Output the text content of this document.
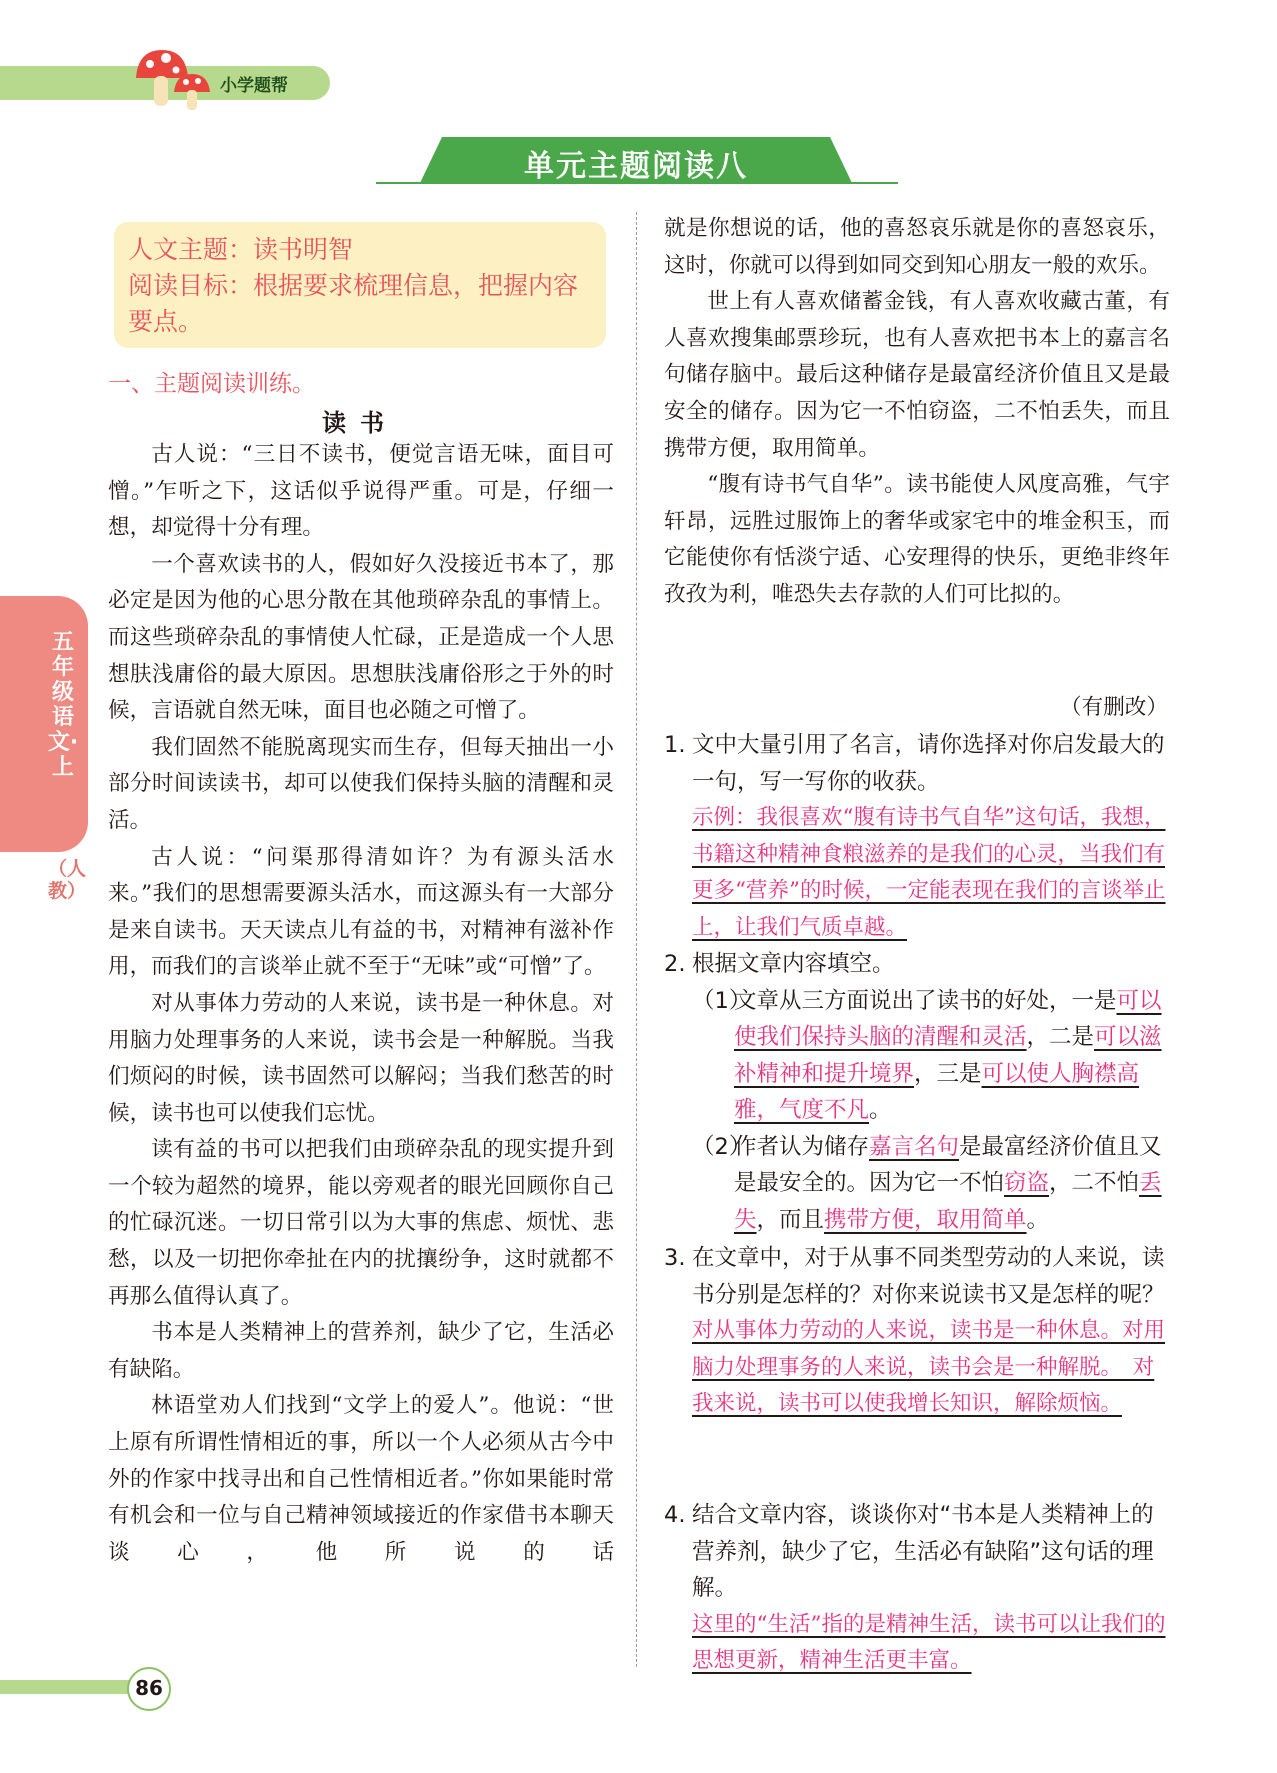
小学题帮
单元主题阅读八
五年级语文·上
（人教）
人文主题：读书明智
阅读目标：根据要求梳理信息，把握内容
要点。
一、主题阅读训练。
读书

古人说：“三日不读书，便觉言语无味，面目可憎。”乍听之下，这话似乎说得严重。可是，仔细一想，却觉得十分有理。

一个喜欢读书的人，假如好久没接近书本了，那必定是因为他的心思分散在其他琐碎杂乱的事情上。而这些琐碎杂乱的事情使人忙碌，正是造成一个人思想肤浅庸俗的最大原因。思想肤浅庸俗形之于外的时候，言语就自然无味，面目也必随之可憎了。

我们固然不能脱离现实而生存，但每天抽出一小部分时间读读书，却可以使我们保持头脑的清醒和灵活。

古人说：“问渠那得清如许？为有源头活水来。”我们的思想需要源头活水，而这源头有一大部分是来自读书。天天读点儿有益的书，对精神有滋补作用，而我们的言谈举止就不至于“无味”或“可憎”了。

对从事体力劳动的人来说，读书是一种休息。对用脑力处理事务的人来说，读书会是一种解脱。当我们烦闷的时候，读书固然可以解闷；当我们愁苦的时候，读书也可以使我们忘忧。

读有益的书可以把我们由琐碎杂乱的现实提升到一个较为超然的境界，能以旁观者的眼光回顾你自己的忙碌沉迷。一切日常引以为大事的焦虑、烦忧、悲愁，以及一切把你牵扯在内的扰攘纷争，这时就都不再那么值得认真了。

书本是人类精神上的营养剂，缺少了它，生活必有缺陷。

林语堂劝人们找到“文学上的爱人”。他说：“世上原有所谓性情相近的事，所以一个人必须从古今中外的作家中找寻出和自己性情相近者。”你如果能时常有机会和一位与自己精神领域接近的作家借书本聊天谈心，他所说的话

就是你想说的话，他的喜怒哀乐就是你的喜怒哀乐，这时，你就可以得到如同交到知心朋友一般的欢乐。

世上有人喜欢储蓄金钱，有人喜欢收藏古董，有人喜欢搜集邮票珍玩，也有人喜欢把书本上的嘉言名句储存脑中。最后这种储存是最富经济价值且又是最安全的储存。因为它一不怕窃盗，二不怕丢失，而且携带方便，取用简单。

“腹有诗书气自华”。读书能使人风度高雅，气宇轩昂，远胜过服饰上的奢华或家宅中的堆金积玉，而它能使你有恬淡宁适、心安理得的快乐，更绝非终年孜孜为利，唯恐失去存款的人们可比拟的。

（有删改）
1. 文中大量引用了名言，请你选择对你启发最大的一句，写一写你的收获。
示例：我很喜欢“腹有诗书气自华”这句话，我想，书籍这种精神食粮滋养的是我们的心灵，当我们有更多“营养”的时候，一定能表现在我们的言谈举止上，让我们气质卓越。
2. 根据文章内容填空。
（1）
文章从三方面说出了读书的好处，一是可以使我们保持头脑的清醒和灵活，二是可以滋补精神和提升境界，三是可以使人胸襟高雅，气度不凡。
（2）
作者认为储存嘉言名句是最富经济价值且又是最安全的。因为它一不怕窃盗，二不怕丢失，而且携带方便，取用简单。
3. 在文章中，对于从事不同类型劳动的人来说，读书分别是怎样的？对你来说读书又是怎样的呢？
对从事体力劳动的人来说，读书是一种休息。对用脑力处理事务的人来说，读书会是一种解脱。　对我来说，读书可以使我增长知识，解除烦恼。
4. 结合文章内容，谈谈你对“书本是人类精神上的营养剂，缺少了它，生活必有缺陷”这句话的理解。
这里的“生活”指的是精神生活，读书可以让我们的思想更新，精神生活更丰富。
86
